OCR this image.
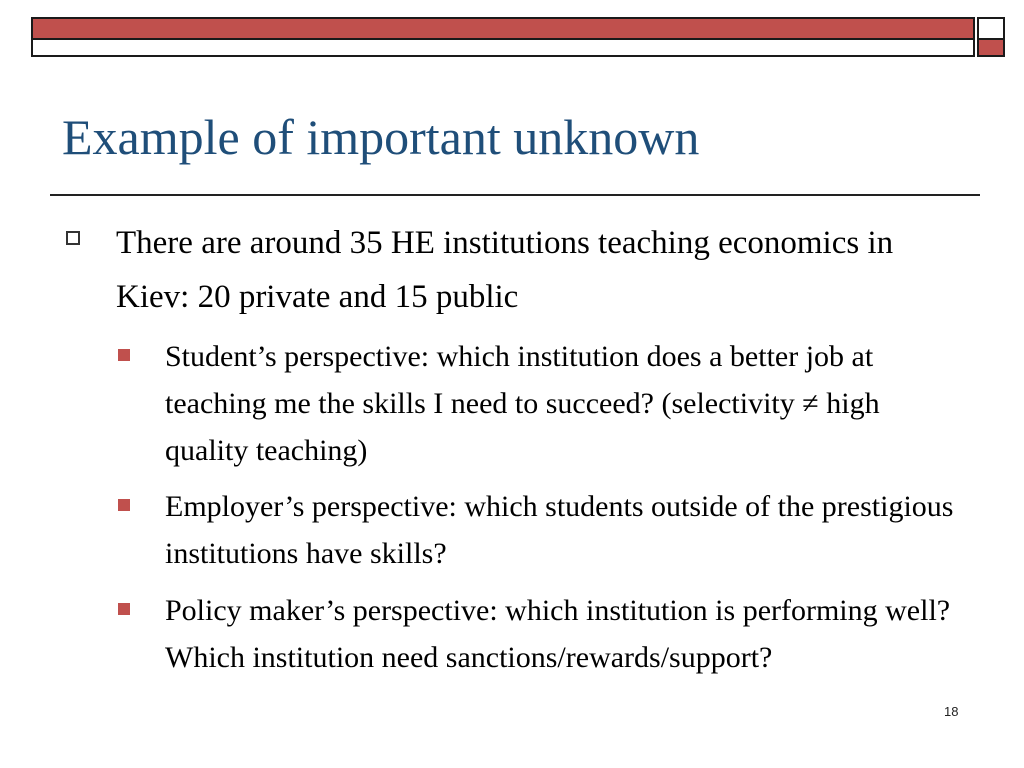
Example of important unknown
There are around 35 HE institutions teaching economics in Kiev: 20 private and 15 public
Student’s perspective: which institution does a better job at teaching me the skills I need to succeed? (selectivity ≠ high quality teaching)
Employer’s perspective: which students outside of the prestigious institutions have skills?
Policy maker’s perspective: which institution is performing well? Which institution need sanctions/rewards/support?
18
